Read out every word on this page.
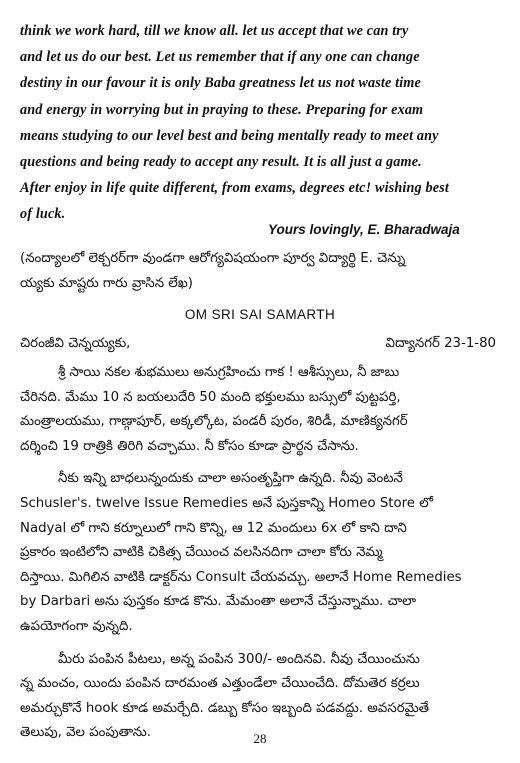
think we work hard, till we know all. let us accept that we can try
and let us do our best. Let us remember that if any one can change
destiny in our favour it is only Baba greatness let us not waste time
and energy in worrying but in praying to these. Preparing for exam
means studying to our level best and being mentally ready to meet any
questions and being ready to accept any result. It is all just a game.
After enjoy in life quite different, from exams, degrees etc! wishing best
of luck.
Yours lovingly, E. Bharadwaja
(నంద్యాలలో లెక్చరర్‌గా వుండగా ఆరోగ్యవిషయంగా పూర్వ విద్యార్థి E. చెన్ను
య్యకు మాష్టరు గారు వ్రాసిన లేఖ)
OM SRI SAI SAMARTH
చిరంజీవి చెన్నయ్యకు,	విద్యానగర్ 23-1-80
శ్రీ సాయి నకల శుభములు అనుగ్రహించు గాక ! ఆశీస్సులు, నీ జాబు
చేరినది. మేము 10 న బయలుదేరి 50 మంది భక్తులము బస్సులో పుట్టపర్తి,
మంత్రాలయము, గాణ్గాపూర్, అక్కల్కోట, పండరీ పురం, శిరిడీ, మాణిక్యనగర్
దర్శించి 19 రాత్రికి తిరిగి వచ్చాము. నీ కోసం కూడా ప్రార్థన చేసాను.
నీకు ఇన్ని బాధలున్నందుకు చాలా అసంతృప్తిగా ఉన్నది. నీవు వెంటనే
Schusler's. twelve Issue Remedies అనే పుస్తకాన్ని Homeo Store లో
Nadyal లో గాని కర్నూలులో గాని కొన్ని, ఆ 12 మందులు 6x లో కాని దాని
ప్రకారం ఇంటిలోని వాటికి చికిత్స చేయించ వలసినదిగా చాలా కోరు నెమ్మ
దిస్తాయి. మిగిలిన వాటికి డాక్టర్‌ను Consult చేయవచ్చు. అలానే Home Remedies
by Darbari అను పుస్తకం కూడ కొను. మేమంతా అలానే చేస్తున్నాము. చాలా
ఉపయోగంగా వున్నది.
మీరు పంపిన పీటలు, అన్న పంపిన 300/- అందినవి. నీవు చేయించును
న్న మంచం, యిందు పంపిన దారమంత ఎత్తుండేలా చేయించేది. దోమతెర కర్రలు
అమర్చుకొనే hook కూడ అమర్చేది. డబ్బు కోసం ఇబ్బంది పడవద్దు. అవసరమైతే
తెలుపు, వెల పంపుతాను.	28
